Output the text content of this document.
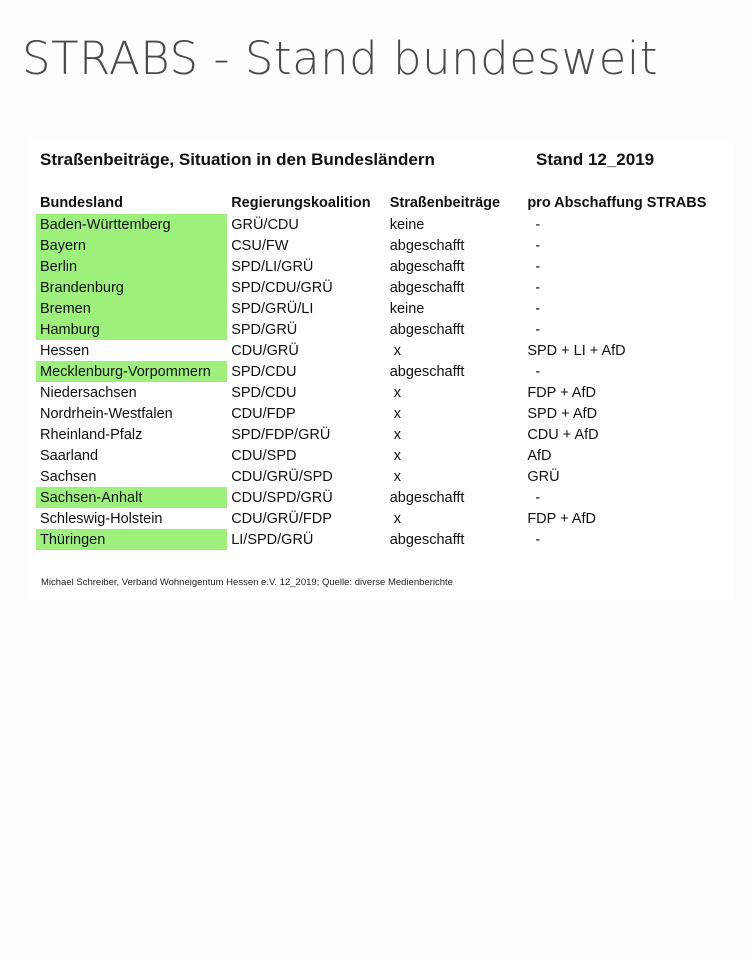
STRABS - Stand bundesweit
Straßenbeiträge, Situation in den Bundesländern	Stand 12_2019
Bundesland	Regierungskoalition	Straßenbeiträge	pro Abschaffung STRABS
Baden-Württemberg	GRÜ/CDU	keine	-
Bayern	CSU/FW	abgeschafft	-
Berlin	SPD/LI/GRÜ	abgeschafft	-
Brandenburg	SPD/CDU/GRÜ	abgeschafft	-
Bremen	SPD/GRÜ/LI	keine	-
Hamburg	SPD/GRÜ	abgeschafft	-
Hessen	CDU/GRÜ	x	SPD + LI + AfD
Mecklenburg-Vorpommern	SPD/CDU	abgeschafft	-
Niedersachsen	SPD/CDU	x	FDP + AfD
Nordrhein-Westfalen	CDU/FDP	x	SPD + AfD
Rheinland-Pfalz	SPD/FDP/GRÜ	x	CDU + AfD
Saarland	CDU/SPD	x	AfD
Sachsen	CDU/GRÜ/SPD	x	GRÜ
Sachsen-Anhalt	CDU/SPD/GRÜ	abgeschafft	-
Schleswig-Holstein	CDU/GRÜ/FDP	x	FDP + AfD
Thüringen	LI/SPD/GRÜ	abgeschafft	-
Michael Schreiber, Verband Wohneigentum Hessen e.V. 12_2019; Quelle: diverse Medienberichte
